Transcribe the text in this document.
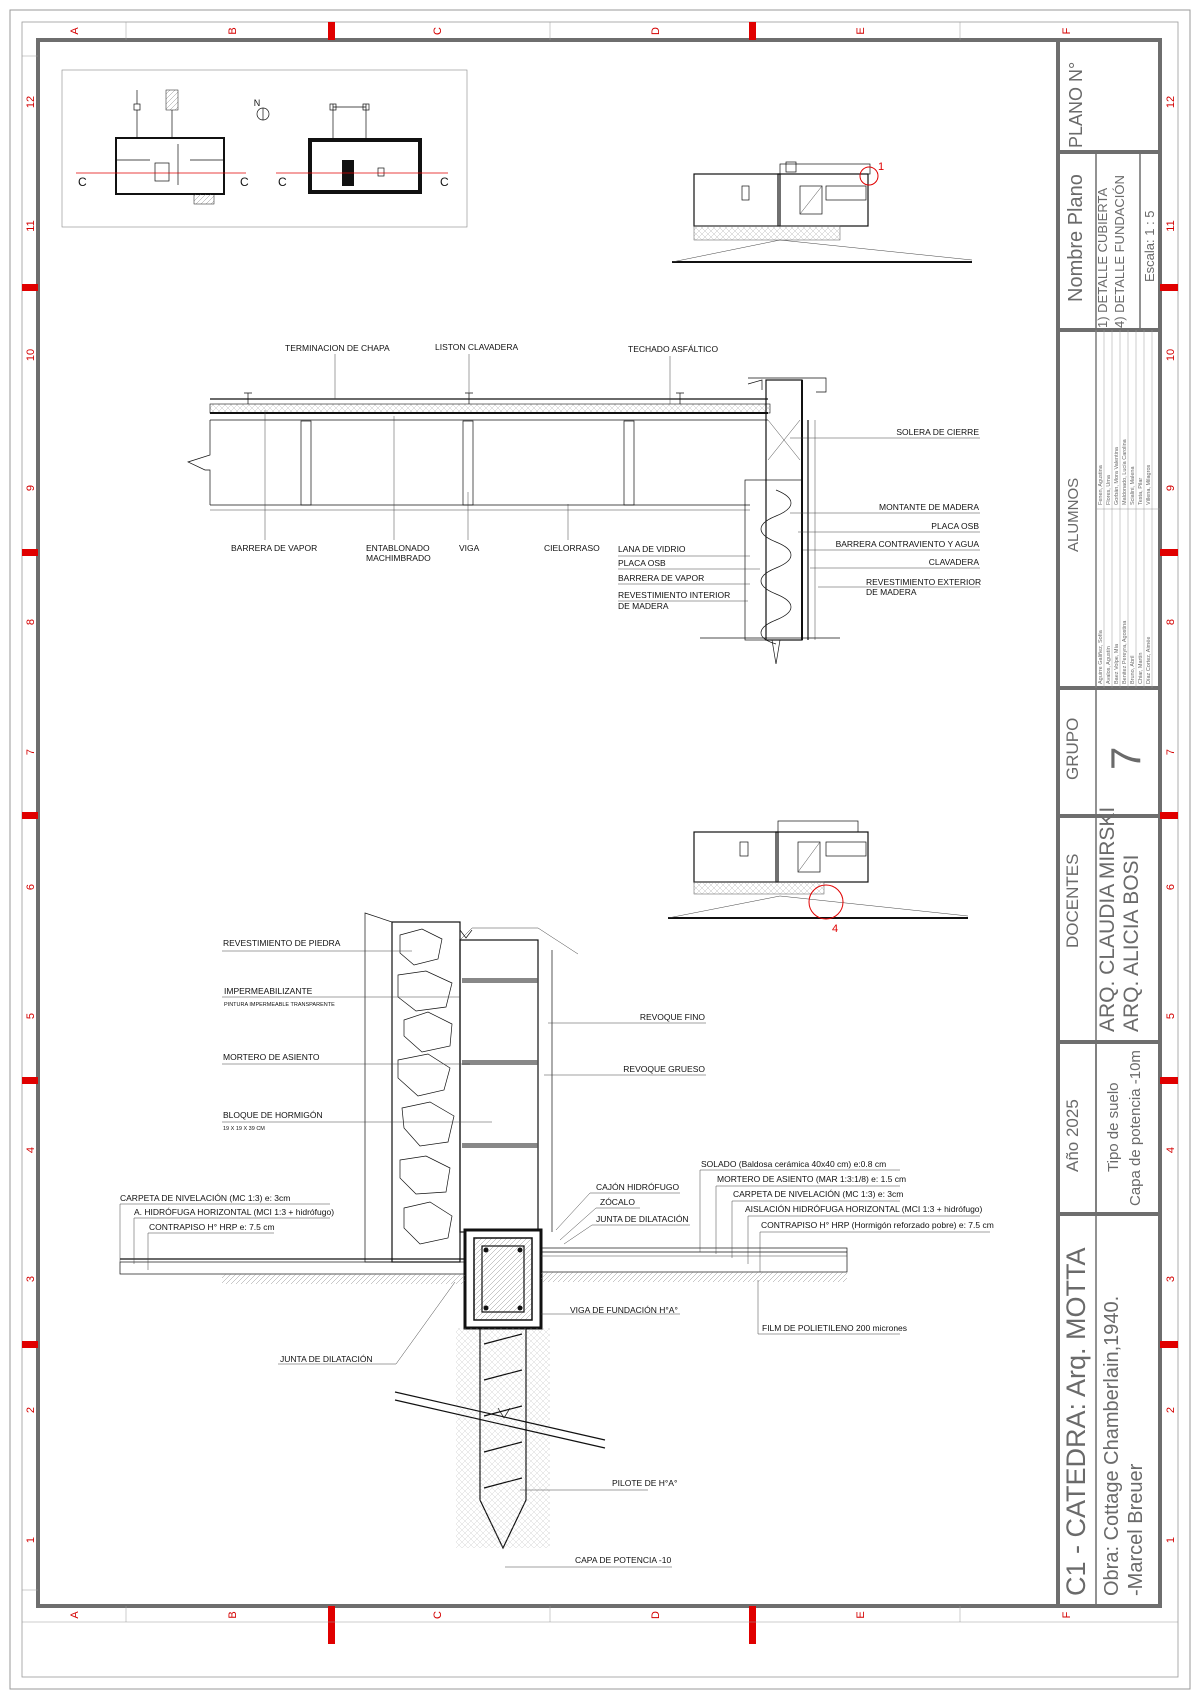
A	B	C	D	E	F
A	B	C	D	E	F
12
11
10
9
8
7
6
5
4
3
2
1
12
11
10
9
8
7
6
5
4
3
2
1
C	C
N
C	C
1
TERMINACION DE CHAPA	LISTON CLAVADERA	TECHADO ASFÁLTICO
BARRERA DE VAPOR	ENTABLONADO
MACHIMBRADO
VIGA	CIELORRASO LANA DE VIDRIO
PLACA OSB
BARRERA DE VAPOR
REVESTIMIENTO INTERIOR
DE MADERA
SOLERA DE CIERRE
MONTANTE DE MADERA
PLACA OSB
BARRERA CONTRAVIENTO Y AGUA
CLAVADERA
REVESTIMIENTO EXTERIOR
DE MADERA
4
REVESTIMIENTO DE PIEDRA
IMPERMEABILIZANTE
PINTURA IMPERMEABLE TRANSPARENTE
MORTERO DE ASIENTO
BLOQUE DE HORMIGÓN
19 X 19 X 39 CM
REVOQUE FINO
REVOQUE GRUESO
CARPETA DE NIVELACIÓN (MC 1:3) e: 3cm
A. HIDRÓFUGA HORIZONTAL (MCI 1:3 + hidrófugo)
CONTRAPISO H° HRP e: 7.5 cm
CAJÓN HIDRÓFUGO
ZÓCALO
JUNTA DE DILATACIÓN
SOLADO (Baldosa cerámica 40x40 cm) e:0.8 cm
MORTERO DE ASIENTO (MAR 1:3:1/8) e: 1.5 cm
CARPETA DE NIVELACIÓN (MC 1:3) e: 3cm
AISLACIÓN HIDRÓFUGA HORIZONTAL (MCI 1:3 + hidrófugo)
CONTRAPISO H° HRP (Hormigón reforzado pobre) e: 7.5 cm
VIGA DE FUNDACIÓN H°A°
FILM DE POLIETILENO 200 micrones
JUNTA DE DILATACIÓN
PILOTE DE H°A°
CAPA DE POTENCIA -10
PLANO N°
Nombre Plano 1) DETALLE CUBIERTA 4) DETALLE FUNDACIÓN Escala: 1 : 5
ALUMNOS
Aguirre Galiñez, Sofía Avalos, Agustín Baez Volpe, Mía Benitez Pereyra, Agostina Bruno, Abril Chiar, Martín Díaz Cortez, Aimée
Fenen, Agustina Flores, Uma Gorbán, Mora Valentina Maldonado, Lucía Carolina Scialini, Malena Testa, Pilar Villena, Milagros
GRUPO 7
DOCENTES ARQ. CLAUDIA MIRSKI ARQ. ALICIA BOSI
Año 2025 Tipo de suelo Capa de potencia -10m
C1 - CATEDRA: Arq. MOTTA Obra: Cottage Chamberlain,1940. -Marcel Breuer
